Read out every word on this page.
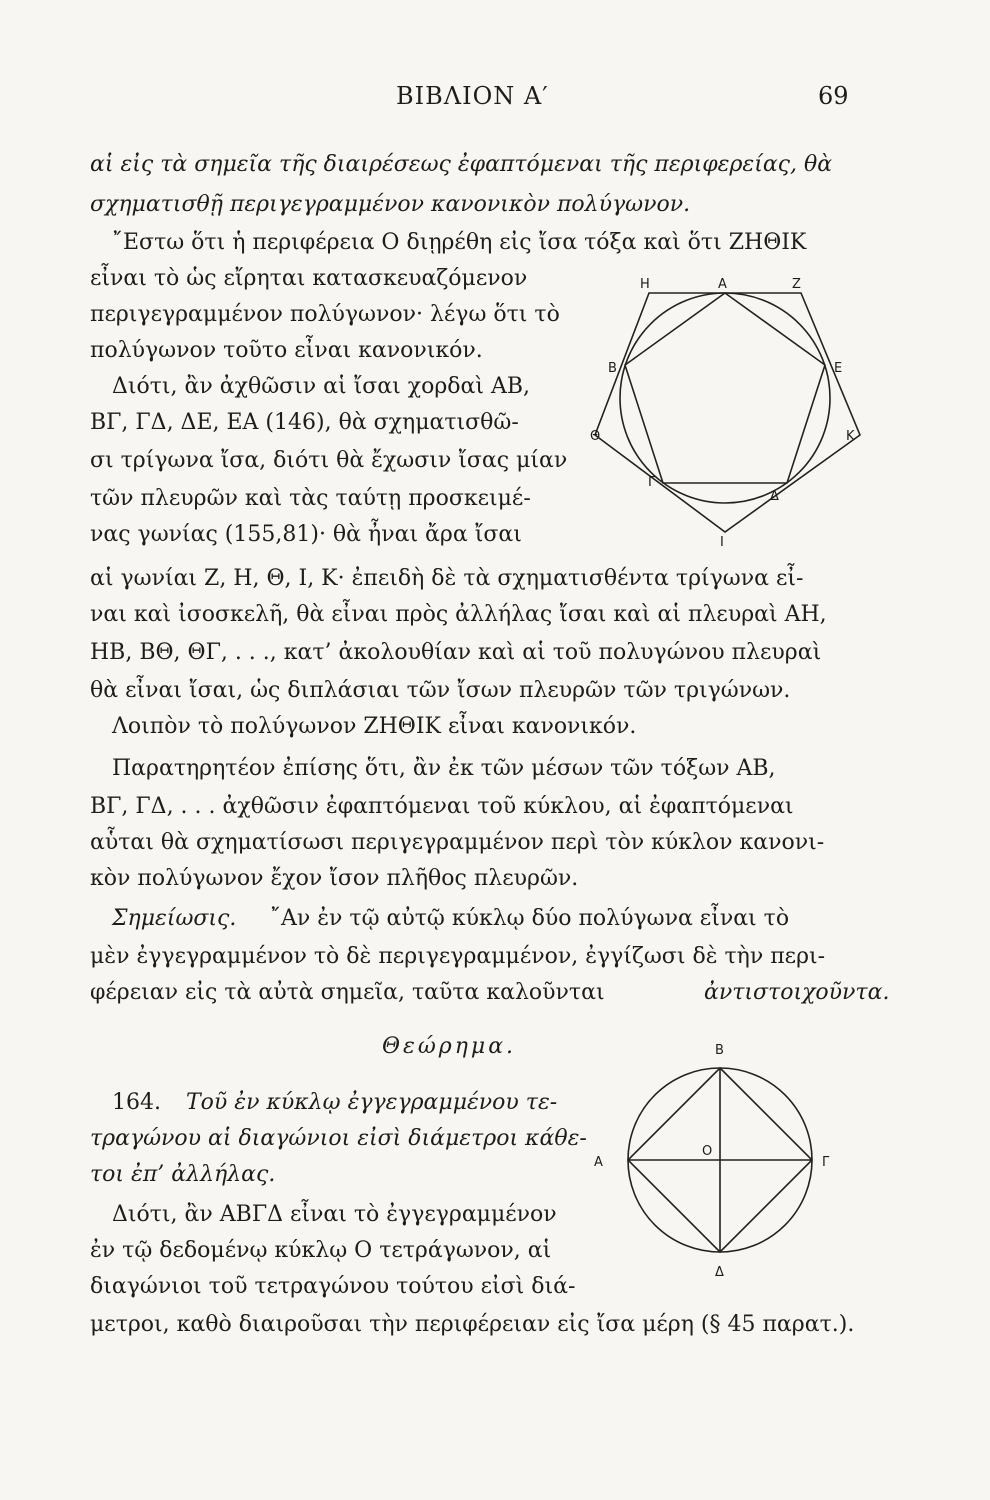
ΒΙΒΛΙΟΝ Α′	69
αἱ εἰς τὰ σημεῖα τῆς διαιρέσεως ἐφαπτόμεναι τῆς περιφερείας, θὰ
σχηματισθῇ περιγεγραμμένον κανονικὸν πολύγωνον.
῎Εστω ὅτι ἡ περιφέρεια Ο διῃρέθη εἰς ἴσα τόξα καὶ ὅτι ΖΗΘΙΚ
εἶναι τὸ ὡς εἴρηται κατασκευαζόμενον
περιγεγραμμένον πολύγωνον· λέγω ὅτι τὸ
πολύγωνον τοῦτο εἶναι κανονικόν.
Διότι, ἂν ἀχθῶσιν αἱ ἴσαι χορδαὶ ΑΒ,
ΒΓ, ΓΔ, ΔΕ, ΕΑ (146), θὰ σχηματισθῶ-
σι τρίγωνα ἴσα, διότι θὰ ἔχωσιν ἴσας μίαν
τῶν πλευρῶν καὶ τὰς ταύτῃ προσκειμέ-
νας γωνίας (155,81)· θὰ ἦναι ἄρα ἴσαι
αἱ γωνίαι Ζ, Η, Θ, Ι, Κ· ἐπειδὴ δὲ τὰ σχηματισθέντα τρίγωνα εἶ-
ναι καὶ ἰσοσκελῆ, θὰ εἶναι πρὸς ἀλλήλας ἴσαι καὶ αἱ πλευραὶ ΑΗ,
ΗΒ, ΒΘ, ΘΓ, . . ., κατ’ ἀκολουθίαν καὶ αἱ τοῦ πολυγώνου πλευραὶ
θὰ εἶναι ἴσαι, ὡς διπλάσιαι τῶν ἴσων πλευρῶν τῶν τριγώνων.
Λοιπὸν τὸ πολύγωνον ΖΗΘΙΚ εἶναι κανονικόν.
Παρατηρητέον ἐπίσης ὅτι, ἂν ἐκ τῶν μέσων τῶν τόξων ΑΒ,
ΒΓ, ΓΔ, . . . ἀχθῶσιν ἐφαπτόμεναι τοῦ κύκλου, αἱ ἐφαπτόμεναι
αὗται θὰ σχηματίσωσι περιγεγραμμένον περὶ τὸν κύκλον κανονι-
κὸν πολύγωνον ἔχον ἴσον πλῆθος πλευρῶν.
Σημείωσις. ῎Αν ἐν τῷ αὐτῷ κύκλῳ δύο πολύγωνα εἶναι τὸ
μὲν ἐγγεγραμμένον τὸ δὲ περιγεγραμμένον, ἐγγίζωσι δὲ τὴν περι-
φέρειαν εἰς τὰ αὐτὰ σημεῖα, ταῦτα καλοῦνται	ἀντιστοιχοῦντα.
Θεώρημα.
164. Τοῦ ἐν κύκλῳ ἐγγεγραμμένου τε-
τραγώνου αἱ διαγώνιοι εἰσὶ διάμετροι κάθε-
τοι ἐπ’ ἀλλήλας.
Διότι, ἂν ΑΒΓΔ εἶναι τὸ ἐγγεγραμμένον
ἐν τῷ δεδομένῳ κύκλῳ Ο τετράγωνον, αἱ
διαγώνιοι τοῦ τετραγώνου τούτου εἰσὶ διά-
μετροι, καθὸ διαιροῦσαι τὴν περιφέρειαν εἰς ἴσα μέρη (§ 45 παρατ.).
Η	Α	Ζ
Β	Ε
Θ	Κ
Γ
Δ
Ι
Β
Α
Ο
Γ
Δ
